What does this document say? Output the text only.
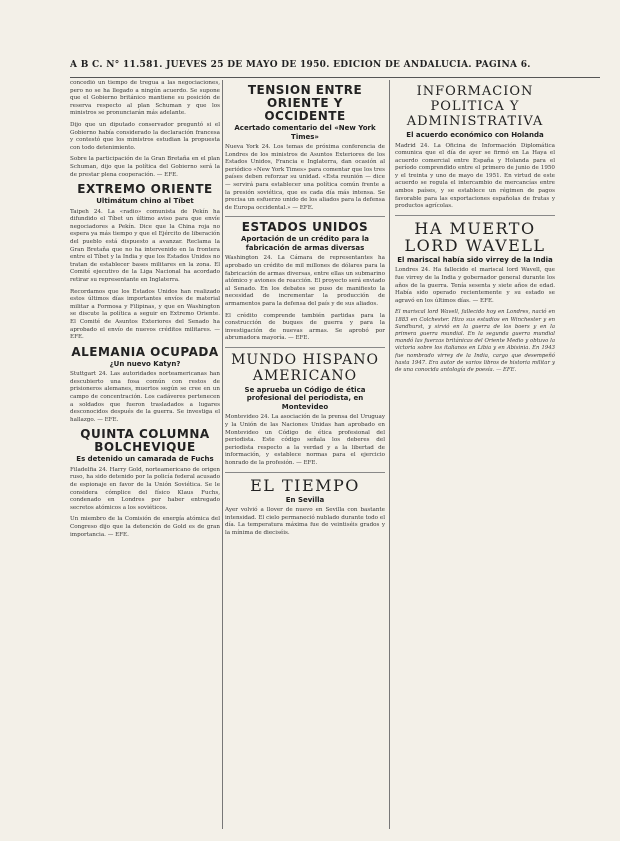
A B C. N° 11.581. JUEVES 25 DE MAYO DE 1950. EDICION DE ANDALUCIA. PAGINA 6.
concedió un tiempo de tregua a las negociaciones, pero no se ha llegado a ningún acuerdo. Se supone que el Gobierno británico mantiene su posición de reserva respecto al plan Schuman y que los ministros se pronunciarán más adelante.
Dijo que un diputado conservador preguntó si el Gobierno había considerado la declaración francesa y contestó que los ministros estudian la propuesta con todo detenimiento.
Sobre la participación de la Gran Bretaña en el plan Schuman, dijo que la política del Gobierno será la de prestar plena cooperación. — EFE.
EXTREMO ORIENTE
Ultimátum chino al Tíbet
Taipeh 24. La «radio» comunista de Pekín ha difundido el Tíbet un último aviso para que envíe negociadores a Pekín. Dice que la China roja no espera ya más tiempo y que el Ejército de liberación del pueblo está dispuesto a avanzar. Reclama la Gran Bretaña que no ha intervenido en la frontera entre el Tíbet y la India y que los Estados Unidos no tratan de establecer bases militares en la zona. El Comité ejecutivo de la Liga Nacional ha acordado retirar su representante en Inglaterra.
Recordamos que los Estados Unidos han realizado estos últimos días importantes envíos de material militar a Formosa y Filipinas, y que en Washington se discute la política a seguir en Extremo Oriente. El Comité de Asuntos Exteriores del Senado ha aprobado el envío de nuevos créditos militares. — EFE.
ALEMANIA OCUPADA
¿Un nuevo Katyn?
Stuttgart 24. Las autoridades norteamericanas han descubierto una fosa común con restos de prisioneros alemanes, muertos según se cree en un campo de concentración. Los cadáveres pertenecen a soldados que fueron trasladados a lugares desconocidos después de la guerra. Se investiga el hallazgo. — EFE.
QUINTA COLUMNA BOLCHEVIQUE
Es detenido un camarada de Fuchs
Filadelfia 24. Harry Gold, norteamericano de origen ruso, ha sido detenido por la policía federal acusado de espionaje en favor de la Unión Soviética. Se le considera cómplice del físico Klaus Fuchs, condenado en Londres por haber entregado secretos atómicos a los soviéticos.
Un miembro de la Comisión de energía atómica del Congreso dijo que la detención de Gold es de gran importancia. — EFE.
TENSION ENTRE ORIENTE Y OCCIDENTE
Acertado comentario del «New York Times»
Nueva York 24. Los temas de próxima conferencia de Londres de los ministros de Asuntos Exteriores de los Estados Unidos, Francia e Inglaterra, dan ocasión al periódico «New York Times» para comentar que los tres países deben reforzar su unidad. «Esta reunión — dice — servirá para establecer una política común frente a la presión soviética, que es cada día más intensa. Se precisa un esfuerzo unido de los aliados para la defensa de Europa occidental.» — EFE.
ESTADOS UNIDOS
Aportación de un crédito para la fabricación de armas diversas
Washington 24. La Cámara de representantes ha aprobado un crédito de mil millones de dólares para la fabricación de armas diversas, entre ellas un submarino atómico y aviones de reacción. El proyecto será enviado al Senado. En los debates se puso de manifiesto la necesidad de incrementar la producción de armamentos para la defensa del país y de sus aliados.
El crédito comprende también partidas para la construcción de buques de guerra y para la investigación de nuevas armas. Se aprobó por abrumadora mayoría. — EFE.
MUNDO HISPANO AMERICANO
Se aprueba un Código de ética profesional del periodista, en Montevideo
Montevideo 24. La asociación de la prensa del Uruguay y la Unión de las Naciones Unidas han aprobado en Montevideo un Código de ética profesional del periodista. Este código señala los deberes del periodista respecto a la verdad y a la libertad de información, y establece normas para el ejercicio honrado de la profesión. — EFE.
EL TIEMPO
En Sevilla
Ayer volvió a llover de nuevo en Sevilla con bastante intensidad. El cielo permaneció nublado durante todo el día. La temperatura máxima fue de veintiséis grados y la mínima de dieciséis.
INFORMACION POLITICA Y ADMINISTRATIVA
El acuerdo económico con Holanda
Madrid 24. La Oficina de Información Diplomática comunica que el día de ayer se firmó en La Haya el acuerdo comercial entre España y Holanda para el período comprendido entre el primero de junio de 1950 y el treinta y uno de mayo de 1951. En virtud de este acuerdo se regula el intercambio de mercancías entre ambos países, y se establece un régimen de pagos favorable para las exportaciones españolas de frutas y productos agrícolas.
HA MUERTO LORD WAVELL
El mariscal había sido virrey de la India
Londres 24. Ha fallecido el mariscal lord Wavell, que fue virrey de la India y gobernador general durante los años de la guerra. Tenía sesenta y siete años de edad. Había sido operado recientemente y su estado se agravó en los últimos días. — EFE.
El mariscal lord Wavell, fallecido hoy en Londres, nació en 1883 en Colchester. Hizo sus estudios en Winchester y en Sandhurst, y sirvió en la guerra de los boers y en la primera guerra mundial. En la segunda guerra mundial mandó las fuerzas británicas del Oriente Medio y obtuvo la victoria sobre los italianos en Libia y en Abisinia. En 1943 fue nombrado virrey de la India, cargo que desempeñó hasta 1947. Era autor de varios libros de historia militar y de una conocida antología de poesía. — EFE.
